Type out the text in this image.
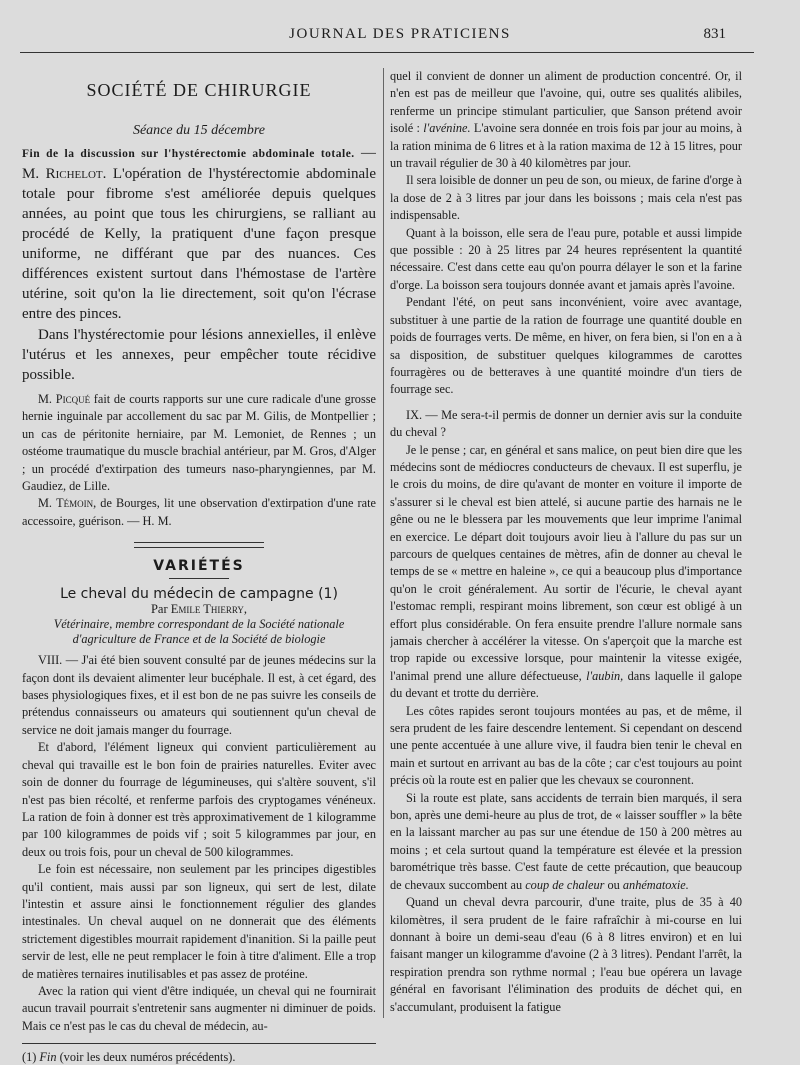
JOURNAL DES PRATICIENS	831
SOCIÉTÉ DE CHIRURGIE
Séance du 15 décembre

Fin de la discussion sur l'hystérectomie abdominale totale. — M. Richelot. L'opération de l'hystérectomie abdominale totale pour fibrome s'est améliorée depuis quelques années, au point que tous les chirurgiens, se ralliant au procédé de Kelly, la pratiquent d'une façon presque uniforme, ne différant que par des nuances. Ces différences existent surtout dans l'hémostase de l'artère utérine, soit qu'on la lie directement, soit qu'on l'écrase entre des pinces.

Dans l'hystérectomie pour lésions annexielles, il enlève l'utérus et les annexes, peur empêcher toute récidive possible.

M. Picqué fait de courts rapports sur une cure radicale d'une grosse hernie inguinale par accollement du sac par M. Gilis, de Montpellier ; un cas de péritonite herniaire, par M. Lemoniet, de Rennes ; un ostéome traumatique du muscle brachial antérieur, par M. Gros, d'Alger ; un procédé d'extirpation des tumeurs naso-pharyngiennes, par M. Gaudiez, de Lille.

M. Témoin, de Bourges, lit une observation d'extirpation d'une rate accessoire, guérison. — H. M.

VARIÉTÉS
Le cheval du médecin de campagne (1)
Par Emile Thierry,
Vétérinaire, membre correspondant de la Société nationale d'agriculture de France et de la Société de biologie

VIII. — J'ai été bien souvent consulté par de jeunes médecins sur la façon dont ils devaient alimenter leur bucéphale. Il est, à cet égard, des bases physiologiques fixes, et il est bon de ne pas suivre les conseils de prétendus connaisseurs ou amateurs qui soutiennent qu'un cheval de service ne doit jamais manger du fourrage.

Et d'abord, l'élément ligneux qui convient particulièrement au cheval qui travaille est le bon foin de prairies naturelles. Eviter avec soin de donner du fourrage de légumineuses, qui s'altère souvent, s'il n'est pas bien récolté, et renferme parfois des cryptogames vénéneux. La ration de foin à donner est très approximativement de 1 kilogramme par 100 kilogrammes de poids vif ; soit 5 kilogrammes par jour, en deux ou trois fois, pour un cheval de 500 kilogrammes.

Le foin est nécessaire, non seulement par les principes digestibles qu'il contient, mais aussi par son ligneux, qui sert de lest, dilate l'intestin et assure ainsi le fonctionnement régulier des glandes intestinales. Un cheval auquel on ne donnerait que des éléments strictement digestibles mourrait rapidement d'inanition. Si la paille peut servir de lest, elle ne peut remplacer le foin à titre d'aliment. Elle a trop de matières ternaires inutilisables et pas assez de protéine.

Avec la ration qui vient d'être indiquée, un cheval qui ne fournirait aucun travail pourrait s'entretenir sans augmenter ni diminuer de poids. Mais ce n'est pas le cas du cheval de médecin, au-

(1) Fin (voir les deux numéros précédents).

quel il convient de donner un aliment de production concentré. Or, il n'en est pas de meilleur que l'avoine, qui, outre ses qualités alibiles, renferme un principe stimulant particulier, que Sanson prétend avoir isolé : l'avénine. L'avoine sera donnée en trois fois par jour au moins, à la ration minima de 6 litres et à la ration maxima de 12 à 15 litres, pour un travail régulier de 30 à 40 kilomètres par jour.

Il sera loisible de donner un peu de son, ou mieux, de farine d'orge à la dose de 2 à 3 litres par jour dans les boissons ; mais cela n'est pas indispensable.

Quant à la boisson, elle sera de l'eau pure, potable et aussi limpide que possible : 20 à 25 litres par 24 heures représentent la quantité nécessaire. C'est dans cette eau qu'on pourra délayer le son et la farine d'orge. La boisson sera toujours donnée avant et jamais après l'avoine.

Pendant l'été, on peut sans inconvénient, voire avec avantage, substituer à une partie de la ration de fourrage une quantité double en poids de fourrages verts. De même, en hiver, on fera bien, si l'on en a à sa disposition, de substituer quelques kilogrammes de carottes fourragères ou de betteraves à une quantité moindre d'un tiers de fourrage sec.

IX. — Me sera-t-il permis de donner un dernier avis sur la conduite du cheval ?

Je le pense ; car, en général et sans malice, on peut bien dire que les médecins sont de médiocres conducteurs de chevaux. Il est superflu, je le crois du moins, de dire qu'avant de monter en voiture il importe de s'assurer si le cheval est bien attelé, si aucune partie des harnais ne le gêne ou ne le blessera par les mouvements que leur imprime l'animal en exercice. Le départ doit toujours avoir lieu à l'allure du pas sur un parcours de quelques centaines de mètres, afin de donner au cheval le temps de se « mettre en haleine », ce qui a beaucoup plus d'importance qu'on le croit généralement. Au sortir de l'écurie, le cheval ayant l'estomac rempli, respirant moins librement, son cœur est obligé à un effort plus considérable. On fera ensuite prendre l'allure normale sans jamais chercher à accélérer la vitesse. On s'aperçoit que la marche est trop rapide ou excessive lorsque, pour maintenir la vitesse exigée, l'animal prend une allure défectueuse, l'aubin, dans laquelle il galope du devant et trotte du derrière.

Les côtes rapides seront toujours montées au pas, et de même, il sera prudent de les faire descendre lentement. Si cependant on descend une pente accentuée à une allure vive, il faudra bien tenir le cheval en main et surtout en arrivant au bas de la côte ; car c'est toujours au point précis où la route est en palier que les chevaux se couronnent.

Si la route est plate, sans accidents de terrain bien marqués, il sera bon, après une demi-heure au plus de trot, de « laisser souffler » la bête en la laissant marcher au pas sur une étendue de 150 à 200 mètres au moins ; et cela surtout quand la température est élevée et la pression barométrique très basse. C'est faute de cette précaution, que beaucoup de chevaux succombent au coup de chaleur ou anhématoxie.

Quand un cheval devra parcourir, d'une traite, plus de 35 à 40 kilomètres, il sera prudent de le faire rafraîchir à mi-course en lui donnant à boire un demi-seau d'eau (6 à 8 litres environ) et en lui faisant manger un kilogramme d'avoine (2 à 3 litres). Pendant l'arrêt, la respiration prendra son rythme normal ; l'eau bue opérera un lavage général en favorisant l'élimination des produits de déchet qui, en s'accumulant, produisent la fatigue
